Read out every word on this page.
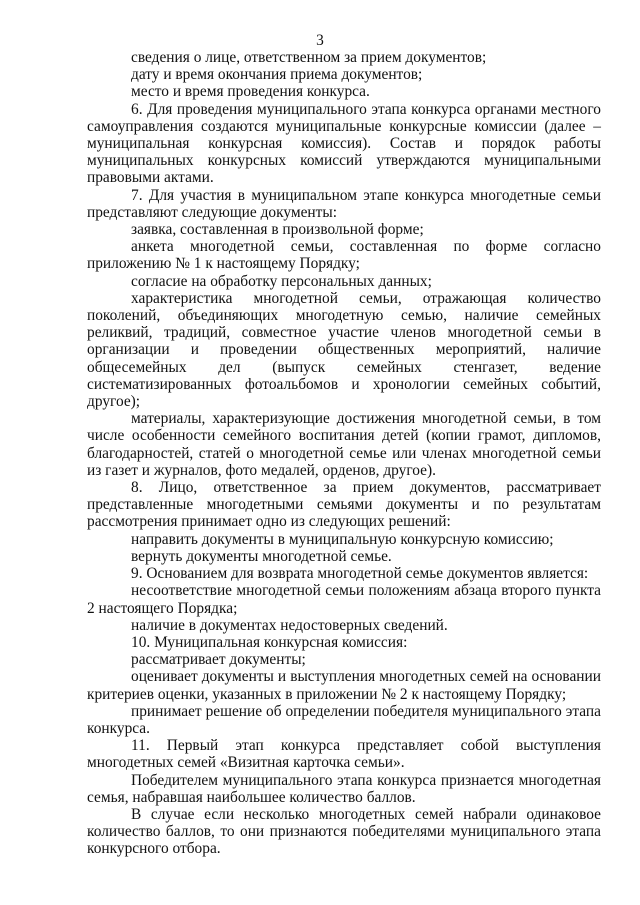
3

сведения о лице, ответственном за прием документов;

дату и время окончания приема документов;

место и время проведения конкурса.

6. Для проведения муниципального этапа конкурса органами местного самоуправления создаются муниципальные конкурсные комиссии (далее – муниципальная конкурсная комиссия). Состав и порядок работы муниципальных конкурсных комиссий утверждаются муниципальными правовыми актами.

7. Для участия в муниципальном этапе конкурса многодетные семьи представляют следующие документы:

заявка, составленная в произвольной форме;

анкета многодетной семьи, составленная по форме согласно приложению № 1 к настоящему Порядку;

согласие на обработку персональных данных;

характеристика многодетной семьи, отражающая количество поколений, объединяющих многодетную семью, наличие семейных реликвий, традиций, совместное участие членов многодетной семьи в организации и проведении общественных мероприятий, наличие общесемейных дел (выпуск семейных стенгазет, ведение систематизированных фотоальбомов и хронологии семейных событий, другое);

материалы, характеризующие достижения многодетной семьи, в том числе особенности семейного воспитания детей (копии грамот, дипломов, благодарностей, статей о многодетной семье или членах многодетной семьи из газет и журналов, фото медалей, орденов, другое).

8. Лицо, ответственное за прием документов, рассматривает представленные многодетными семьями документы и по результатам рассмотрения принимает одно из следующих решений:

направить документы в муниципальную конкурсную комиссию;

вернуть документы многодетной семье.

9. Основанием для возврата многодетной семье документов является:

несоответствие многодетной семьи положениям абзаца второго пункта 2 настоящего Порядка;

наличие в документах недостоверных сведений.

10. Муниципальная конкурсная комиссия:

рассматривает документы;

оценивает документы и выступления многодетных семей на основании критериев оценки, указанных в приложении № 2 к настоящему Порядку;

принимает решение об определении победителя муниципального этапа конкурса.

11. Первый этап конкурса представляет собой выступления многодетных семей «Визитная карточка семьи».

Победителем муниципального этапа конкурса признается многодетная семья, набравшая наибольшее количество баллов.

В случае если несколько многодетных семей набрали одинаковое количество баллов, то они признаются победителями муниципального этапа конкурсного отбора.
